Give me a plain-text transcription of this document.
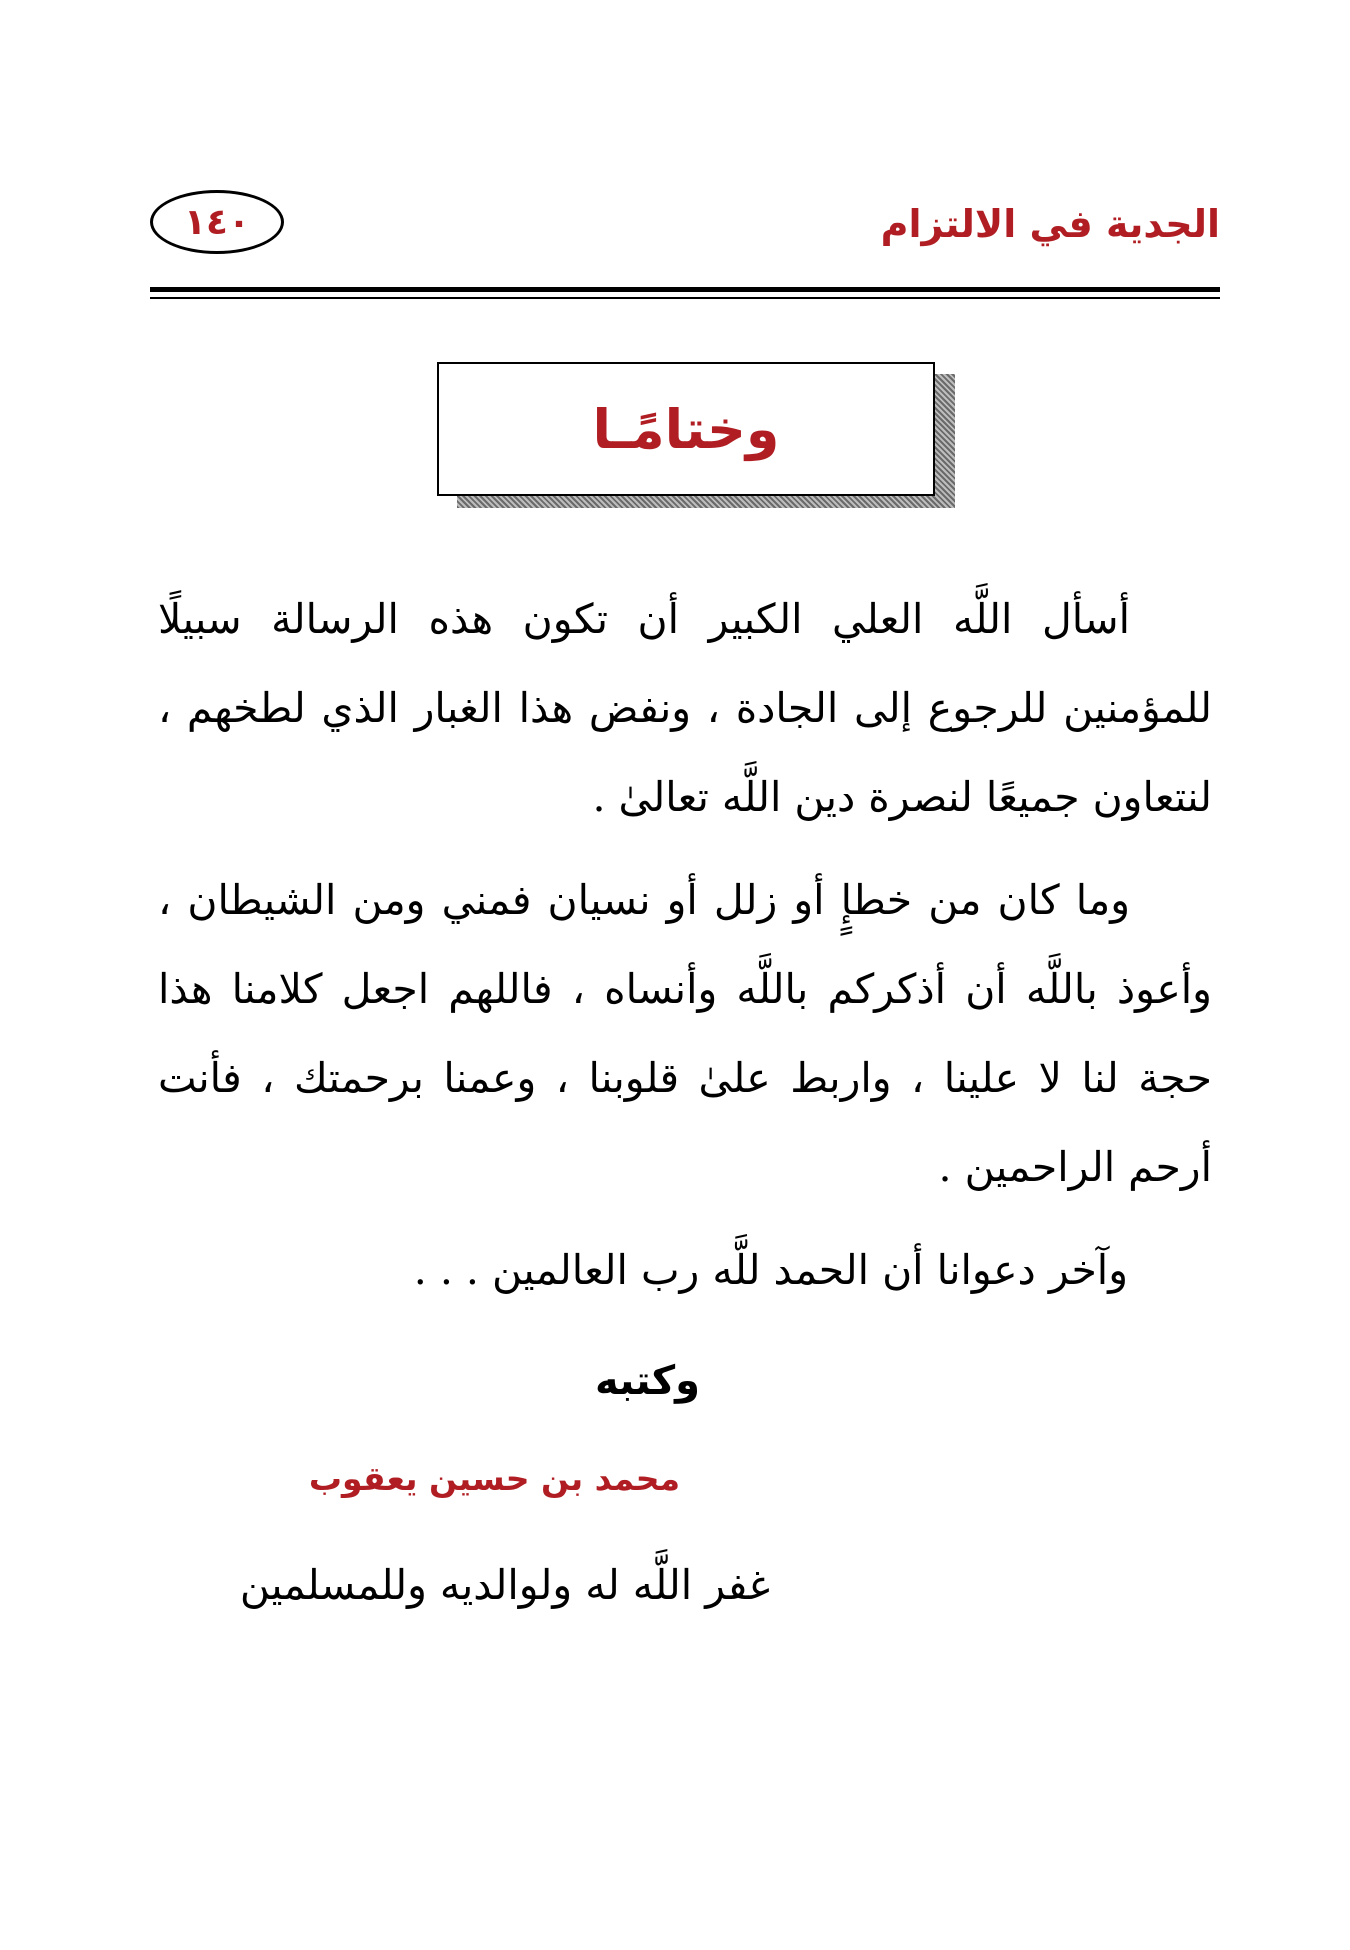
الجدية في الالتزام
١٤٠
وختامًـا

أسأل اللَّه العلي الكبير أن تكون هذه الرسالة سبيلًا للمؤمنين للرجوع إلى الجادة ، ونفض هذا الغبار الذي لطخهم ، لنتعاون جميعًا لنصرة دين اللَّه تعالىٰ .

وما كان من خطإٍ أو زلل أو نسيان فمني ومن الشيطان ، وأعوذ باللَّه أن أذكركم باللَّه وأنساه ، فاللهم اجعل كلامنا هذا حجة لنا لا علينا ، واربط علىٰ قلوبنا ، وعمنا برحمتك ، فأنت أرحم الراحمين .

وآخر دعوانا أن الحمد للَّه رب العالمين . . .
وكتبه
محمد بن حسين يعقوب
غفر اللَّه له ولوالديه وللمسلمين
